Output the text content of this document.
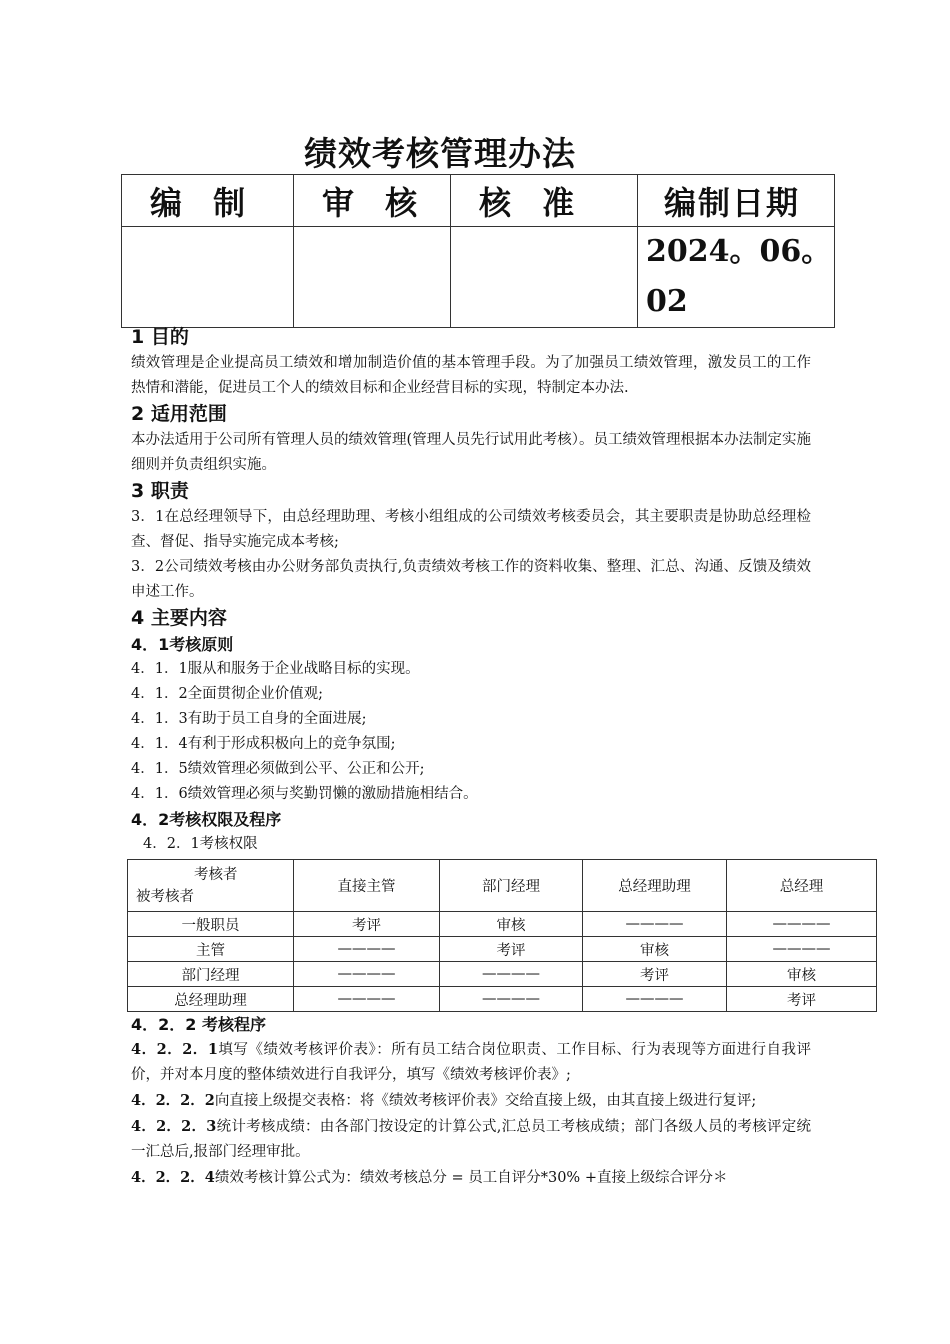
绩效考核管理办法
编 制	审 核	核 准	编制日期
			2024。06。02
1 目的
绩效管理是企业提高员工绩效和增加制造价值的基本管理手段。为了加强员工绩效管理，激发员工的工作热情和潜能，促进员工个人的绩效目标和企业经营目标的实现，特制定本办法.
2 适用范围
本办法适用于公司所有管理人员的绩效管理(管理人员先行试用此考核）。员工绩效管理根据本办法制定实施细则并负责组织实施。
3 职责
3．1在总经理领导下，由总经理助理、考核小组组成的公司绩效考核委员会，其主要职责是协助总经理检查、督促、指导实施完成本考核;
3．2公司绩效考核由办公财务部负责执行,负责绩效考核工作的资料收集、整理、汇总、沟通、反馈及绩效申述工作。
4 主要内容
4．1考核原则
4．1．1服从和服务于企业战略目标的实现。
4．1．2全面贯彻企业价值观;
4．1．3有助于员工自身的全面进展;
4．1．4有利于形成积极向上的竞争氛围;
4．1．5绩效管理必须做到公平、公正和公开;
4．1．6绩效管理必须与奖勤罚懒的激励措施相结合。
4．2考核权限及程序
4．2．1考核权限
考核者
被考核者	直接主管	部门经理	总经理助理	总经理
一般职员	考评	审核	————	————
主管	————	考评	审核	————
部门经理	————	————	考评	审核
总经理助理	————	————	————	考评
4．2．2 考核程序
4．2．2．1填写《绩效考核评价表》：所有员工结合岗位职责、工作目标、行为表现等方面进行自我评价，并对本月度的整体绩效进行自我评分，填写《绩效考核评价表》;
4．2．2．2向直接上级提交表格：将《绩效考核评价表》交给直接上级，由其直接上级进行复评;
4．2．2．3统计考核成绩：由各部门按设定的计算公式,汇总员工考核成绩；部门各级人员的考核评定统一汇总后,报部门经理审批。
4．2．2．4绩效考核计算公式为：绩效考核总分 = 员工自评分*30% +直接上级综合评分＊
